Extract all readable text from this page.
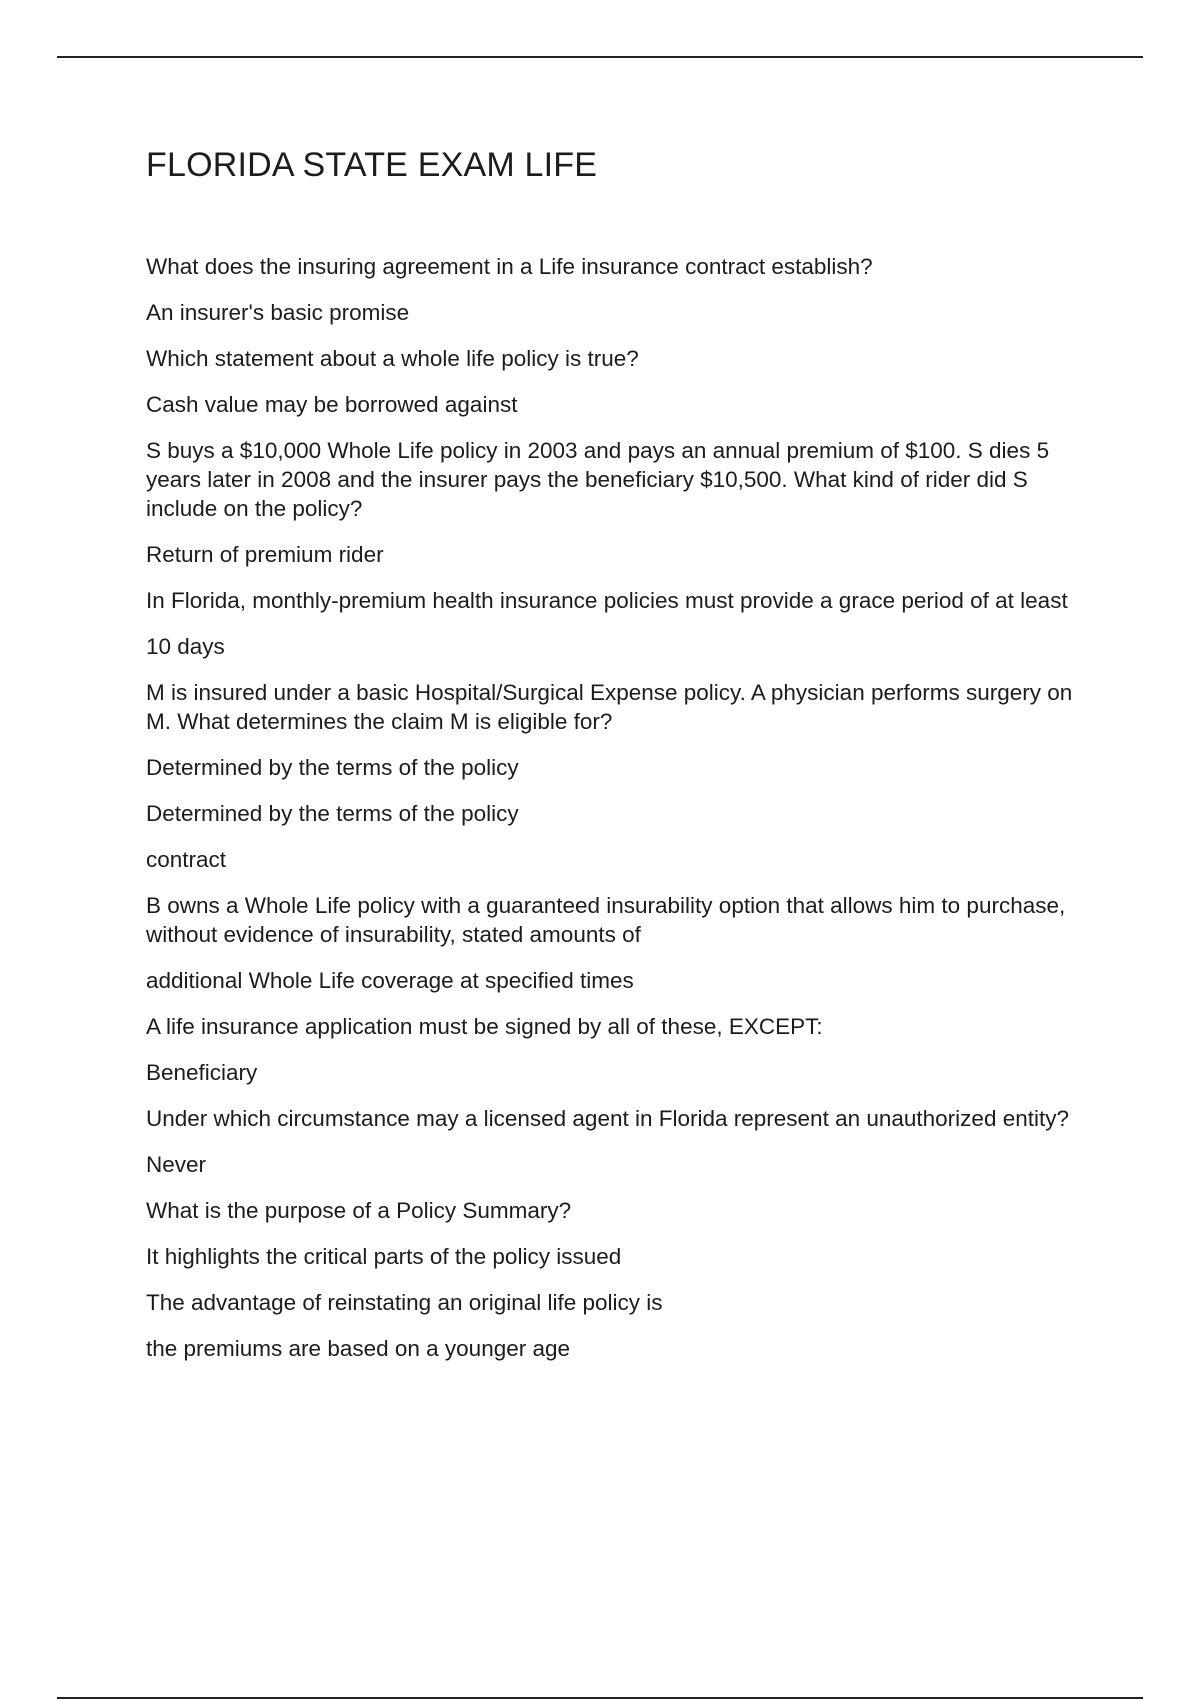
FLORIDA STATE EXAM LIFE

What does the insuring agreement in a Life insurance contract establish?

An insurer's basic promise

Which statement about a whole life policy is true?

Cash value may be borrowed against

S buys a $10,000 Whole Life policy in 2003 and pays an annual premium of $100. S dies 5 years later in 2008 and the insurer pays the beneficiary $10,500. What kind of rider did S include on the policy?

Return of premium rider

In Florida, monthly-premium health insurance policies must provide a grace period of at least

10 days

M is insured under a basic Hospital/Surgical Expense policy. A physician performs surgery on M. What determines the claim M is eligible for?

Determined by the terms of the policy

Determined by the terms of the policy

contract

B owns a Whole Life policy with a guaranteed insurability option that allows him to purchase, without evidence of insurability, stated amounts of

additional Whole Life coverage at specified times

A life insurance application must be signed by all of these, EXCEPT:

Beneficiary

Under which circumstance may a licensed agent in Florida represent an unauthorized entity?

Never

What is the purpose of a Policy Summary?

It highlights the critical parts of the policy issued

The advantage of reinstating an original life policy is

the premiums are based on a younger age
